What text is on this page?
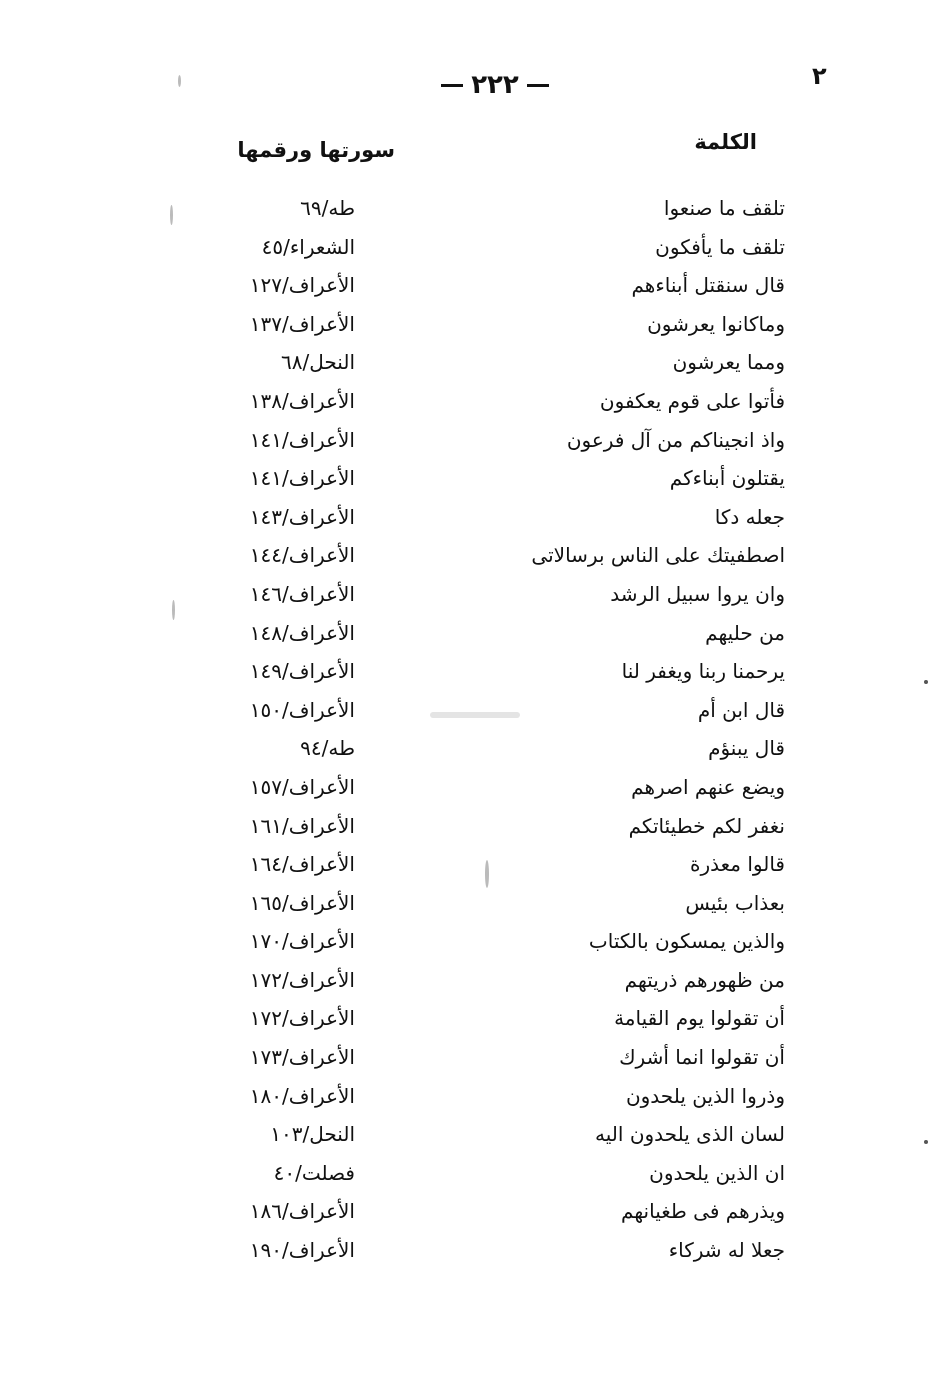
٢٢٢	٢
الكلمة
سورتها ورقمها
تلقف ما صنعوا
طه/٦٩
تلقف ما يأفكون
الشعراء/٤٥
قال سنقتل أبناءهم
الأعراف/١٢٧
وماكانوا يعرشون
الأعراف/١٣٧
ومما يعرشون
النحل/٦٨
فأتوا على قوم يعكفون
الأعراف/١٣٨
واذ انجيناكم من آل فرعون
الأعراف/١٤١
يقتلون أبناءكم
الأعراف/١٤١
جعله دكا
الأعراف/١٤٣
اصطفيتك على الناس برسالاتى
الأعراف/١٤٤
وان يروا سبيل الرشد
الأعراف/١٤٦
من حليهم
الأعراف/١٤٨
يرحمنا ربنا ويغفر لنا
الأعراف/١٤٩
قال ابن أم
الأعراف/١٥٠
قال يبنؤم
طه/٩٤
ويضع عنهم اصرهم
الأعراف/١٥٧
نغفر لكم خطيئاتكم
الأعراف/١٦١
قالوا معذرة
الأعراف/١٦٤
بعذاب بئيس
الأعراف/١٦٥
والذين يمسكون بالكتاب
الأعراف/١٧٠
من ظهورهم ذريتهم
الأعراف/١٧٢
أن تقولوا يوم القيامة
الأعراف/١٧٢
أن تقولوا انما أشرك
الأعراف/١٧٣
وذروا الذين يلحدون
الأعراف/١٨٠
لسان الذى يلحدون اليه
النحل/١٠٣
ان الذين يلحدون
فصلت/٤٠
ويذرهم فى طغيانهم
الأعراف/١٨٦
جعلا له شركاء
الأعراف/١٩٠
